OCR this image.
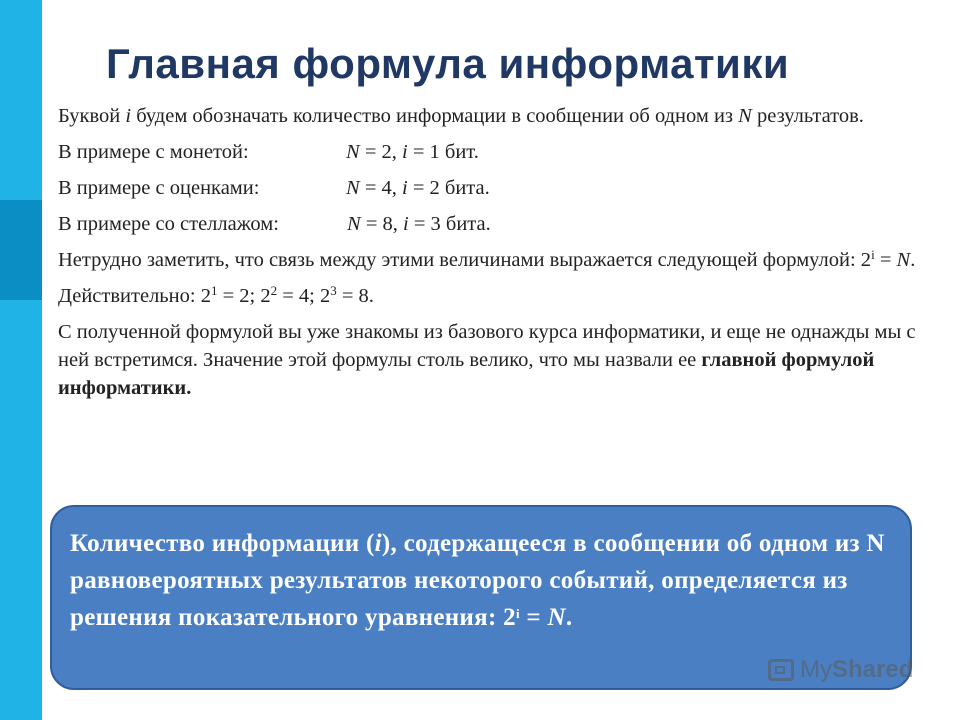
Главная формула информатики

Буквой i будем обозначать количество информации в сообщении об одном из N результатов.

В примере с монетой:	N = 2, i = 1 бит.

В примере с оценками:	N = 4, i = 2 бита.

В примере со стеллажом:	N = 8, i = 3 бита.

Нетрудно заметить, что связь между этими величинами выражается следующей формулой: $2^i = N$.

Действительно: $2^1 = 2$; $2^2 = 4$; $2^3 = 8$.

С полученной формулой вы уже знакомы из базового курса информатики, и еще не однажды мы с ней встретимся. Значение этой формулы столь велико, что мы назвали ее главной формулой информатики.

Количество информации (i), содержащееся в сообщении об одном из N равновероятных результатов некоторого событий, определяется из решения показательного уравнения: $2^i = N$.
MyShared
